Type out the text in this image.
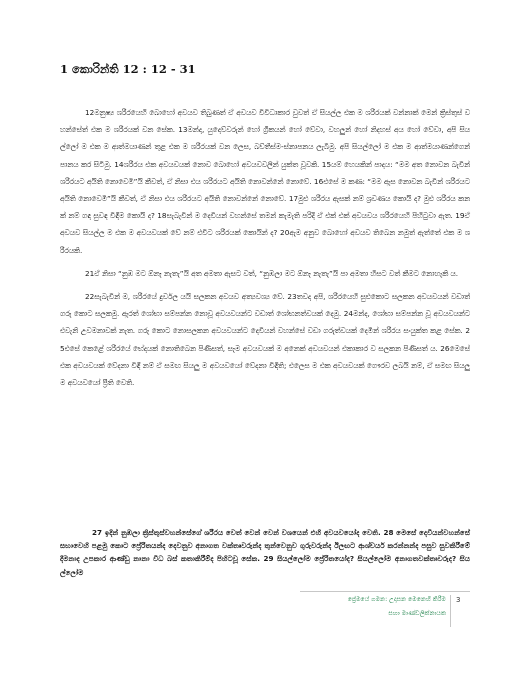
1 කොරින්ති 12 : 12 - 31

12මනුෂ්‍ය ශරීරයෙහි බොහෝ අවයව තිබුණත් ඒ අවයව විවිධාකාර වුවත් ඒ සියල්ල එක ම ශරීරයක් වන්නාක් මෙන් ක්‍රිස්තුස් වහන්සේත් එක ම ශරීරයක් වන සේක. 13මන්ද, යුදෙව්වරුන් හෝ ග්‍රීකයන් හෝ වේවා, වහලුන් හෝ නිදහස් අය හෝ වේවා, අපි සියල්ලෝ ම එක ම ආත්මයාණන් තුළ එක ම ශරීරයක් වන ලෙස, බව්තීස්ම-ස්නාපනය ලැබීමු. අපි සියල්ලෝ ම එක ම ආත්මයාණන්ගෙන් පානය කර සිටිමු. 14ශරීරය එක අවයවයක් නොව බොහෝ අවයවවලින් යුක්ත වූවකි. 15යම් හෙයකින් පාදය: “මම අත නොවන බැවින් ශරීරයට අයිති නොවෙමි”යි කීවත්, ඒ නිසා එය ශරීරයට අයිති නොවන්නේ නොවේ. 16එසේ ම කණ: “මම ඇස නොවන බැවින් ශරීරයට අයිති නොවෙමි”යි කීවත්, ඒ නිසා එය ශරීරයට අයිති නොවන්නේ නොවේ. 17මුළු ශරීරය ඇසක් නම් ශ්‍රවණය කොයි ද? මුළු ශරීරය කනක් නම් ගඳ සුවඳ විඳීම කොයි ද? 18සැබැවින් ම දෙවියන් වහන්සේ තමන් කැමැති පරිදි ඒ එක් එක් අවයවය ශරීරයෙහි පිහිටුවා ඇත. 19ඒ අවයව සියල්ල ම එක ම අවයවයක් වේ නම් එවිට ශරීරයක් කොයින් ද? 20ඇම අනුව බොහෝ අවයව තිබෙන නමුත් ඇත්තේ එක ම ශරීරයකි.

21ඒ නිසා “නුඹ මට ඕනෑ නැතැ”යි අත අමතා ඇසට වත්, “නුඹලා මට ඕනෑ නැතැ”යි පා අමතා හිසට වත් කීමට නොහැකි ය.

22සැබැවින් ම, ශරීරයේ දුර්වල යයි සලකන අවයව අත්‍යවශ්‍ය වේ. 23තවද අපි, ශරීරයෙහි සුළුකොට සලකන අවයවයන් වඩාත් ගරු කොට සලකමු. ඇරත් ශෝභා සම්පන්න නොවූ අවයවයන්ට වඩාත් ශෝභනත්වයක් දෙමු. 24මන්ද, ශෝභා සම්පන්න වූ අවයවයන්ට එවැනි උවමනාවක් නැත. ගරු කොට නොසලකන අවයවයන්ට දෙවියන් වහන්සේ වඩා ගරුත්වයක් දෙමින් ශරීරය සංයුක්ත කළ සේක. 25එසේ කෙළේ ශරීරයේ භේදයක් නොතිබෙන පිණිසත්, සෑම අවයවයක් ම අනෙක් අවයවයන් එකාකාර ව සලකන පිණිසත් ය. 26මෙසේ එක අවයවයක් වේදනා විඳී නම් ඒ සමඟ සියලු ම අවයවයෝ වේදනා විඳිති; එලෙස ම එක අවයවයක් ගෞරව ලබයි නම්, ඒ සමඟ සියලු ම අවයවයෝ ප්‍රීති වෙති.

27 ඉදින් නුඹලා ක්‍රිස්තුස්වහන්සේගේ ශරීරය වෙත් වෙන් වෙන් වශයෙන් එහි අවයවයෝද වෙති. 28 මෙසේ දෙවියන්වහන්සේ සභාවෙහි පළමු කොට ප්‍රේරිතයන්ද දෙවනුව අනාගත වක්තෘවරුන්ද තුන්වෙනුව ගුරුවරුන්ද ඊලඟට ආශ්චර්ය කරන්නන්ද පසුව සුවකිරීමේ දීමනාද උපකාර ආණ්ඩු නානා විධ බස් කතාකිරීම්ද පිහිටවූ සේක. 29 සියල්ලෝම ප්‍රේරිතයෝද? සියල්ලෝම අනාගතවක්තෘවරුද? සියල්ලෝම

ප්‍රේමයේ ගමන: උදාසන මෙනෙහි කිරීම
සහා මාණ්ඩලික්නායක
3
